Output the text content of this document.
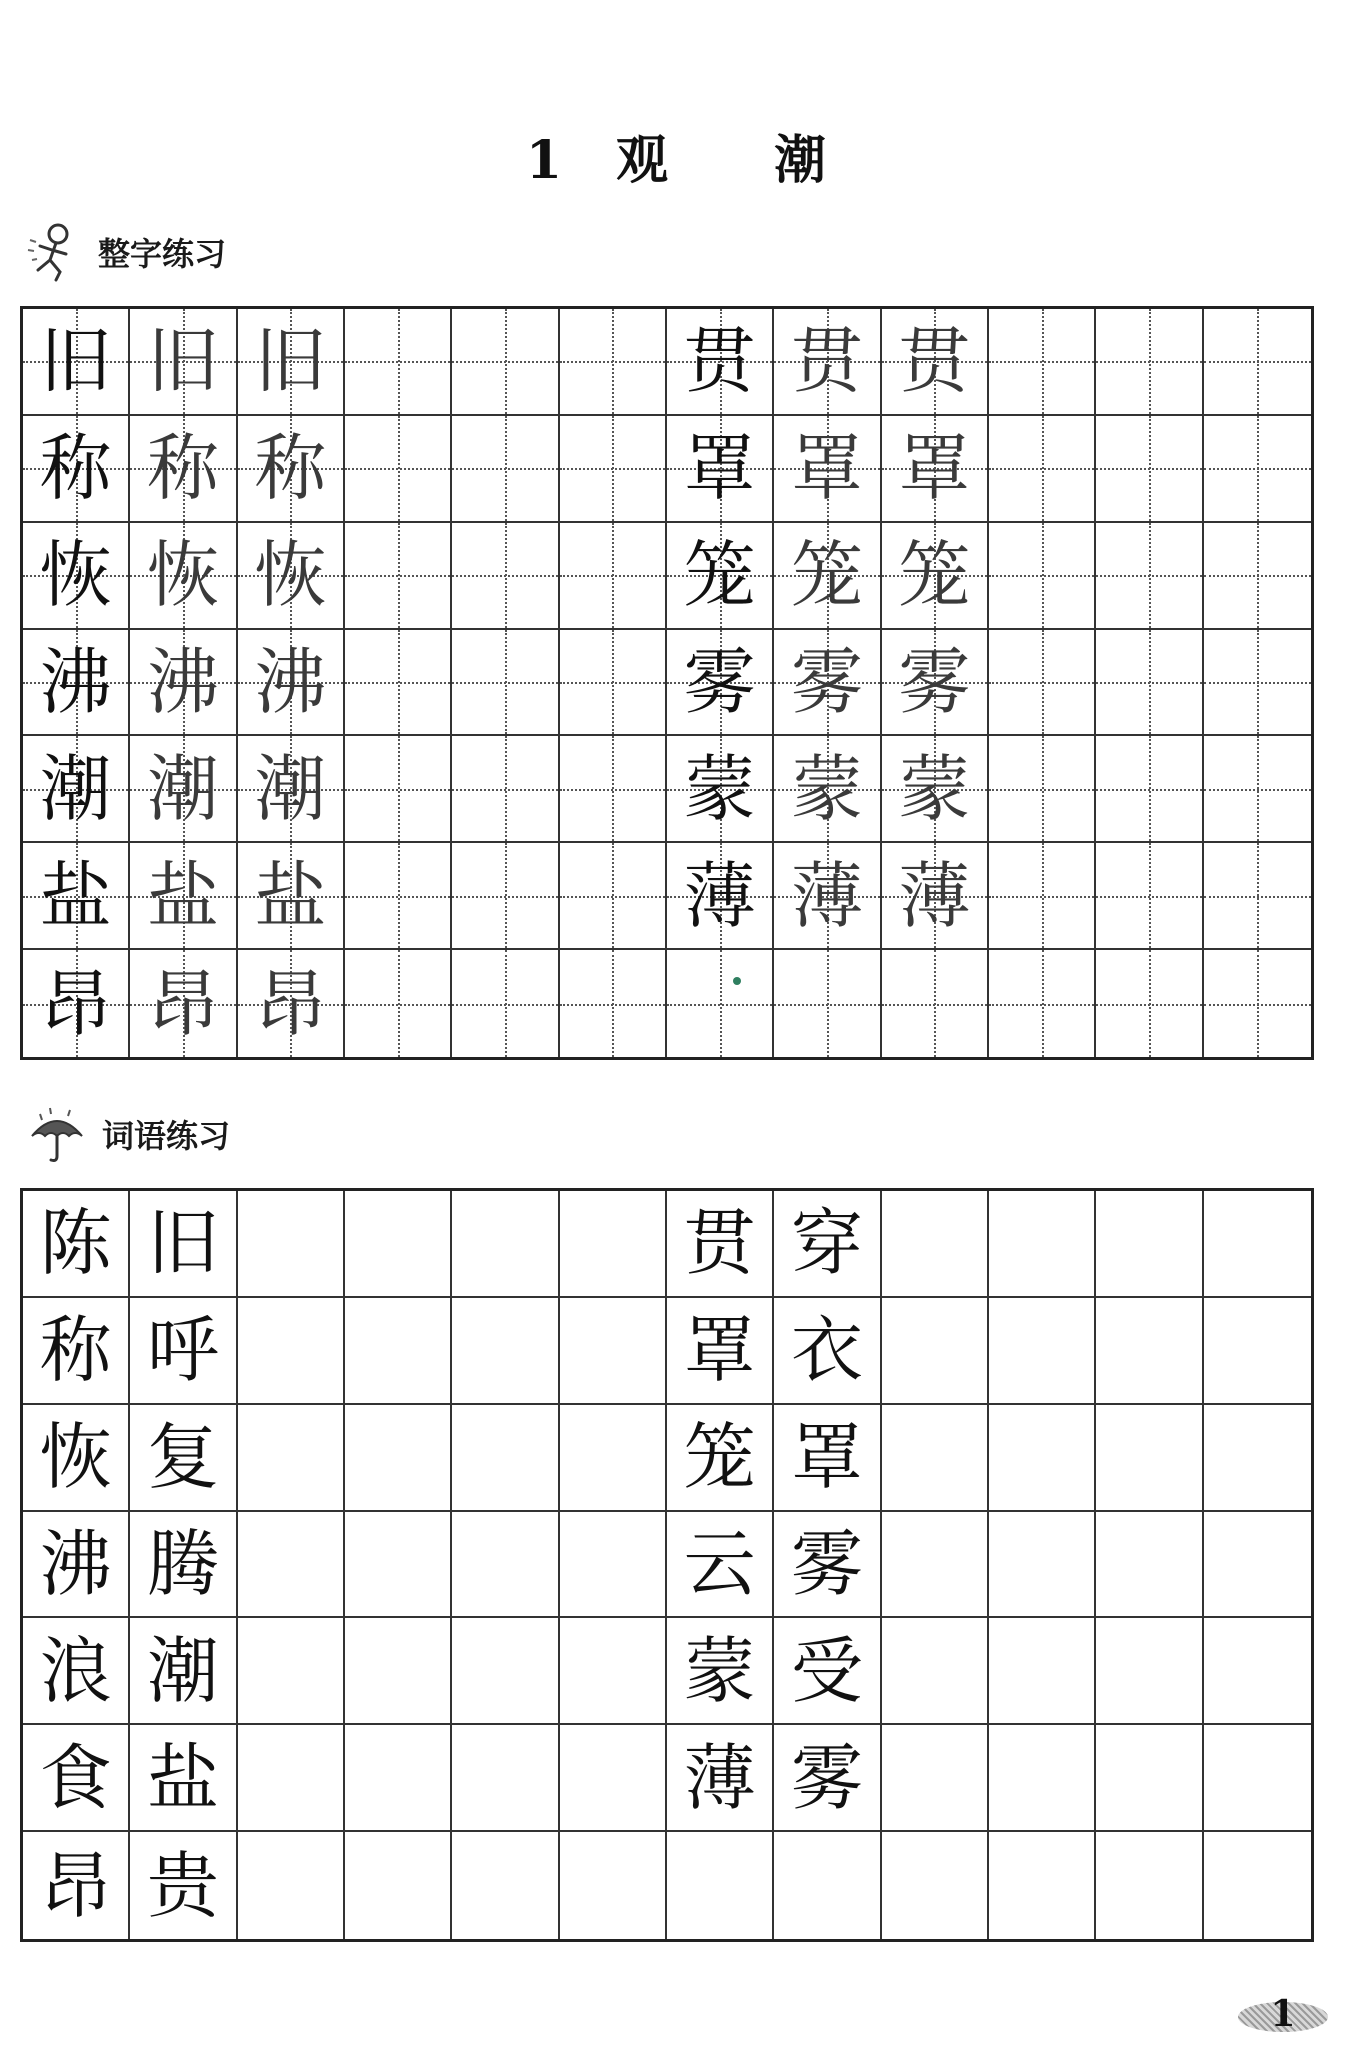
1 观 潮
整字练习
旧 旧 旧	贯 贯 贯
称 称 称	罩 罩 罩
恢 恢 恢	笼 笼 笼
沸 沸 沸	雾 雾 雾
潮 潮 潮	蒙 蒙 蒙
盐 盐 盐	薄 薄 薄
昂 昂 昂
词语练习
陈 旧	贯 穿
称 呼	罩 衣
恢 复	笼 罩
沸 腾	云 雾
浪 潮	蒙 受
食 盐	薄 雾
昂 贵
1
